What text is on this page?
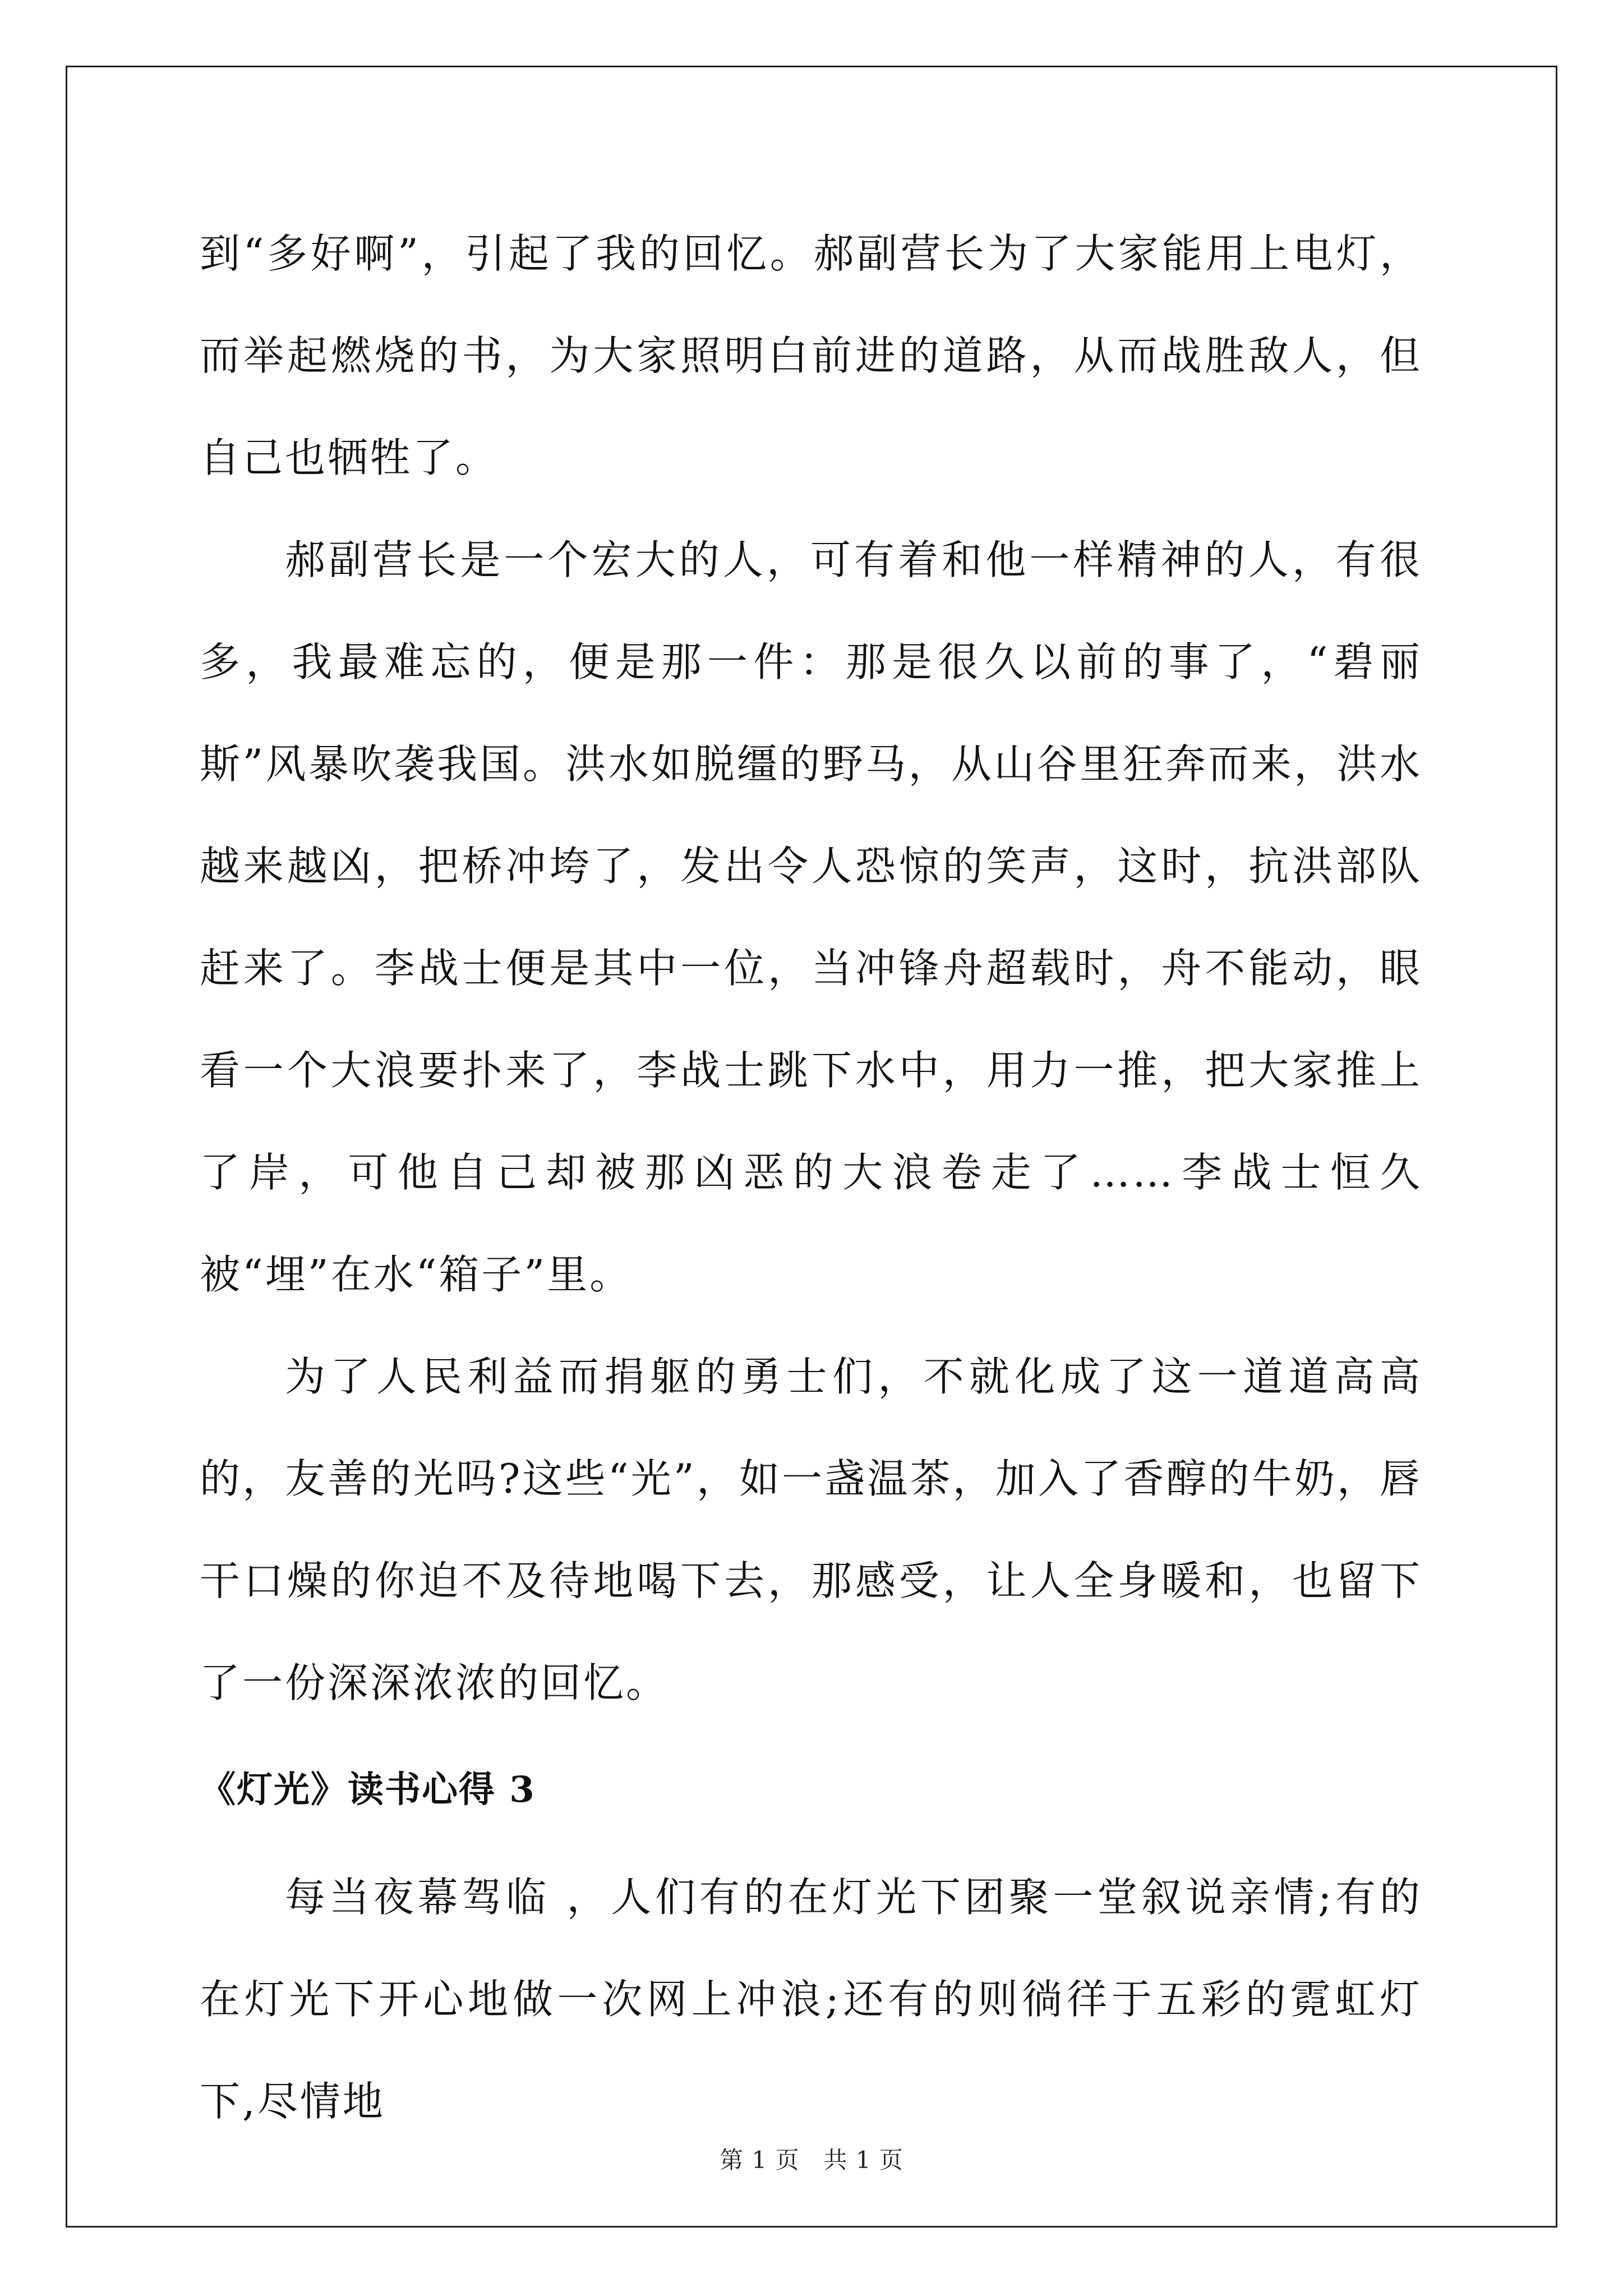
到“多好啊”，引起了我的回忆。郝副营长为了大家能用上电灯，而举起燃烧的书，为大家照明白前进的道路，从而战胜敌人，但自己也牺牲了。

郝副营长是一个宏大的人，可有着和他一样精神的人，有很多，我最难忘的，便是那一件：那是很久以前的事了，“碧丽斯”风暴吹袭我国。洪水如脱缰的野马，从山谷里狂奔而来，洪水越来越凶，把桥冲垮了，发出令人恐惊的笑声，这时，抗洪部队赶来了。李战士便是其中一位，当冲锋舟超载时，舟不能动，眼看一个大浪要扑来了，李战士跳下水中，用力一推，把大家推上了岸，可他自己却被那凶恶的大浪卷走了……李战士恒久被“埋”在水“箱子”里。

为了人民利益而捐躯的勇士们，不就化成了这一道道高高的，友善的光吗?这些“光”，如一盏温茶，加入了香醇的牛奶，唇干口燥的你迫不及待地喝下去，那感受，让人全身暖和，也留下了一份深深浓浓的回忆。

《灯光》读书心得 3

每当夜幕驾临 ，人们有的在灯光下团聚一堂叙说亲情;有的在灯光下开心地做一次网上冲浪;还有的则徜徉于五彩的霓虹灯下,尽情地

第 1 页　共 1 页
